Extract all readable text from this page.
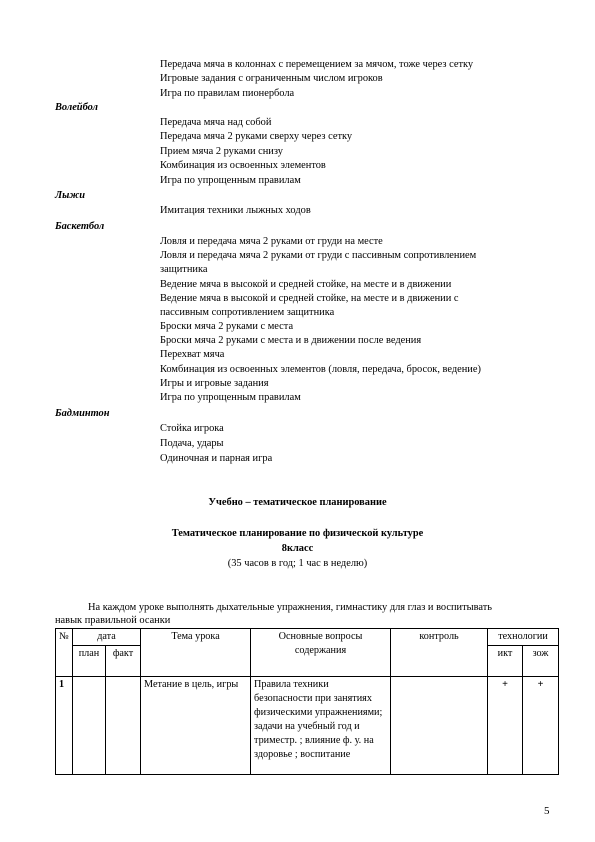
Передача мяча в колоннах с перемещением за мячом, тоже через сетку
Игровые задания с ограниченным числом игроков
Игра по правилам пионербола
Волейбол
Передача мяча над собой
Передача мяча 2 руками сверху через сетку
Прием мяча 2 руками снизу
Комбинация из освоенных элементов
Игра по упрощенным правилам
Лыжи
Имитация техники лыжных ходов
Баскетбол
Ловля и передача мяча 2 руками от груди на месте
Ловля и передача мяча 2 руками от груди с пассивным сопротивлением
защитника
Ведение мяча в высокой и средней стойке, на месте и в движении
Ведение мяча в высокой и средней стойке, на месте и в движении с
пассивным сопротивлением защитника
Броски мяча 2 руками с места
Броски мяча 2 руками с места и в движении после ведения
Перехват мяча
Комбинация из освоенных элементов (ловля, передача, бросок, ведение)
Игры и игровые задания
Игра по упрощенным правилам
Бадминтон
Стойка игрока
Подача, удары
Одиночная и парная игра
Учебно – тематическое планирование
Тематическое планирование по физической культуре
8класс
(35 часов в год; 1 час в неделю)
На каждом уроке выполнять дыхательные упражнения, гимнастику для глаз и воспитывать
навык правильной осанки
№	дата		Тема урока	Основные вопросы содержания	контроль	технологии	
	план	факт				икт	зож
1			Метание в цель, игры	Правила техники безопасности при занятиях физическими упражнениями; задачи на учебный год и триместр. ; влияние ф. у. на здоровье ; воспитание		+	+
5
